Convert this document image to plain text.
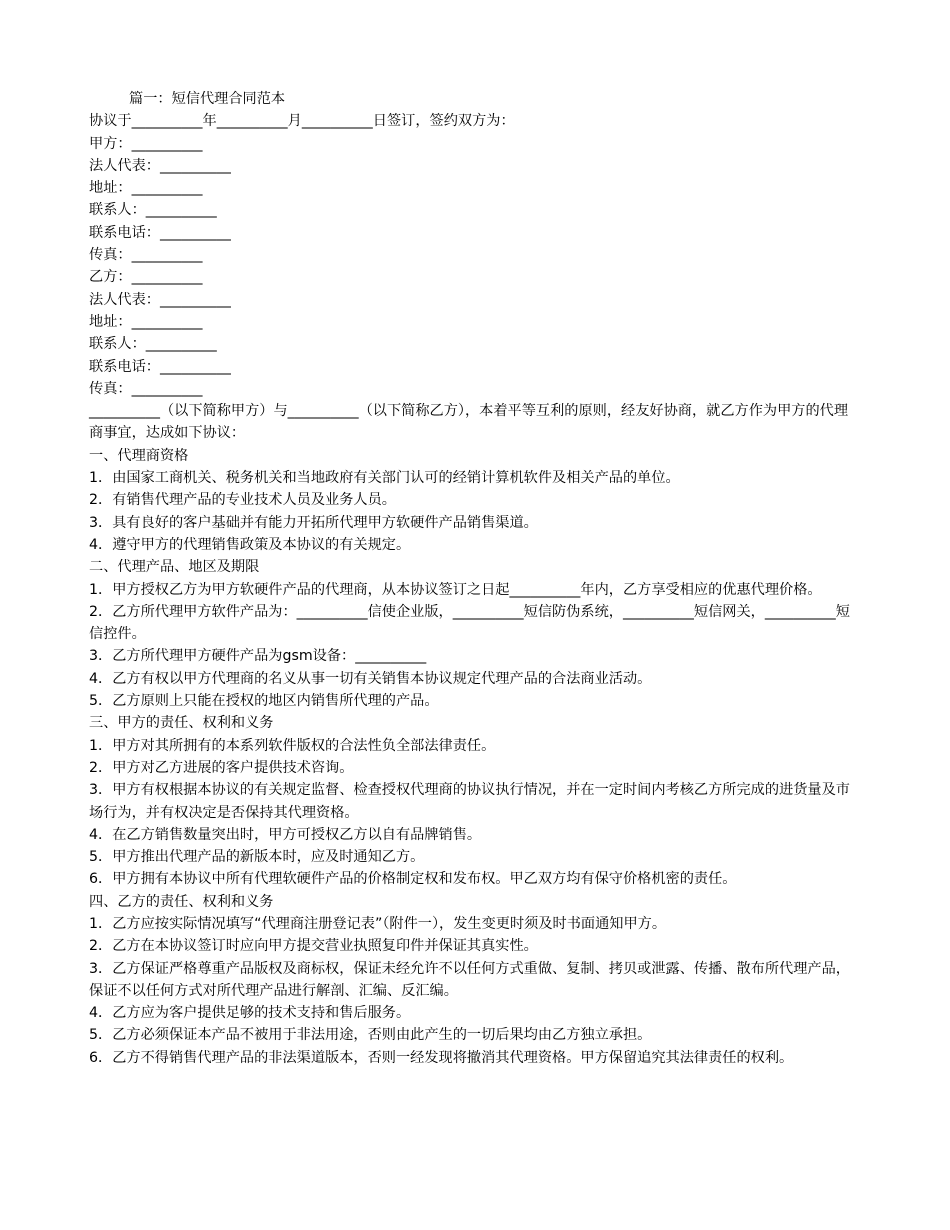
篇一：短信代理合同范本

协议于__________年__________月__________日签订，签约双方为：

甲方：__________

法人代表：__________

地址：__________

联系人：__________

联系电话：__________

传真：__________

乙方：__________

法人代表：__________

地址：__________

联系人：__________

联系电话：__________

传真：__________

__________（以下简称甲方）与__________（以下简称乙方），本着平等互利的原则，经友好协商，就乙方作为甲方的代理商事宜，达成如下协议：

一、代理商资格

1．由国家工商机关、税务机关和当地政府有关部门认可的经销计算机软件及相关产品的单位。

2．有销售代理产品的专业技术人员及业务人员。

3．具有良好的客户基础并有能力开拓所代理甲方软硬件产品销售渠道。

4．遵守甲方的代理销售政策及本协议的有关规定。

二、代理产品、地区及期限

1．甲方授权乙方为甲方软硬件产品的代理商，从本协议签订之日起__________年内，乙方享受相应的优惠代理价格。

2．乙方所代理甲方软件产品为：__________信使企业版，__________短信防伪系统，__________短信网关，__________短信控件。

3．乙方所代理甲方硬件产品为gsm设备：__________

4．乙方有权以甲方代理商的名义从事一切有关销售本协议规定代理产品的合法商业活动。

5．乙方原则上只能在授权的地区内销售所代理的产品。

三、甲方的责任、权利和义务

1．甲方对其所拥有的本系列软件版权的合法性负全部法律责任。

2．甲方对乙方进展的客户提供技术咨询。

3．甲方有权根据本协议的有关规定监督、检查授权代理商的协议执行情况，并在一定时间内考核乙方所完成的进货量及市场行为，并有权决定是否保持其代理资格。

4．在乙方销售数量突出时，甲方可授权乙方以自有品牌销售。

5．甲方推出代理产品的新版本时，应及时通知乙方。

6．甲方拥有本协议中所有代理软硬件产品的价格制定权和发布权。甲乙双方均有保守价格机密的责任。

四、乙方的责任、权利和义务

1．乙方应按实际情况填写“代理商注册登记表”（附件一），发生变更时须及时书面通知甲方。

2．乙方在本协议签订时应向甲方提交营业执照复印件并保证其真实性。

3．乙方保证严格尊重产品版权及商标权，保证未经允许不以任何方式重做、复制、拷贝或泄露、传播、散布所代理产品，保证不以任何方式对所代理产品进行解剖、汇编、反汇编。

4．乙方应为客户提供足够的技术支持和售后服务。

5．乙方必须保证本产品不被用于非法用途，否则由此产生的一切后果均由乙方独立承担。

6．乙方不得销售代理产品的非法渠道版本，否则一经发现将撤消其代理资格。甲方保留追究其法律责任的权利。
